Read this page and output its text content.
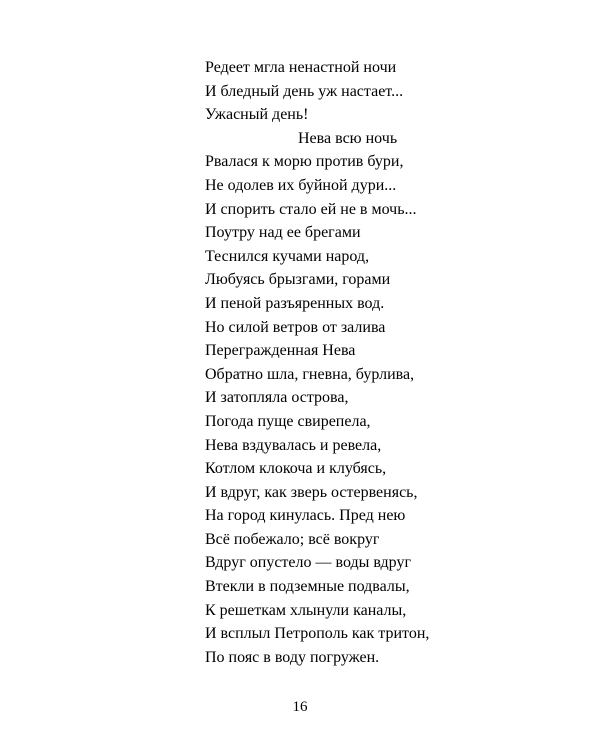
Редеет мгла ненастной ночи
И бледный день уж настает...
Ужасный день!
Нева всю ночь
Рвалася к морю против бури,
Не одолев их буйной дури...
И спорить стало ей не в мочь...
Поутру над ее брегами
Теснился кучами народ,
Любуясь брызгами, горами
И пеной разъяренных вод.
Но силой ветров от залива
Перегражденная Нева
Обратно шла, гневна, бурлива,
И затопляла острова,
Погода пуще свирепела,
Нева вздувалась и ревела,
Котлом клокоча и клубясь,
И вдруг, как зверь остервенясь,
На город кинулась. Пред нею
Всё побежало; всё вокруг
Вдруг опустело — воды вдруг
Втекли в подземные подвалы,
К решеткам хлынули каналы,
И всплыл Петрополь как тритон,
По пояс в воду погружен.
16
